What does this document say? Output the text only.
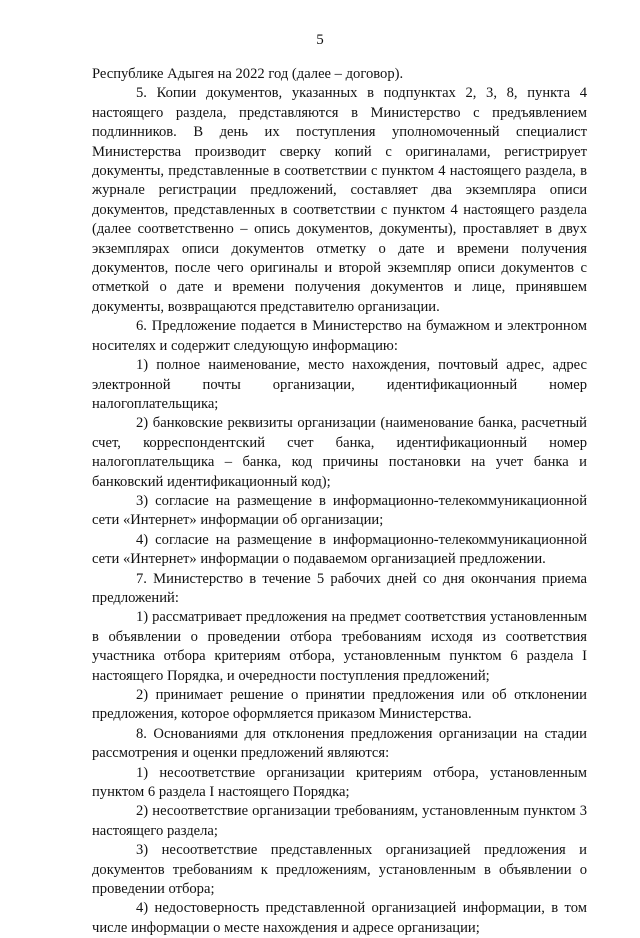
5

Республике Адыгея на 2022 год (далее – договор).

5. Копии документов, указанных в подпунктах 2, 3, 8, пункта 4 настоящего раздела, представляются в Министерство с предъявлением подлинников. В день их поступления уполномоченный специалист Министерства производит сверку копий с оригиналами, регистрирует документы, представленные в соответствии с пунктом 4 настоящего раздела, в журнале регистрации предложений, составляет два экземпляра описи документов, представленных в соответствии с пунктом 4 настоящего раздела (далее соответственно – опись документов, документы), проставляет в двух экземплярах описи документов отметку о дате и времени получения документов, после чего оригиналы и второй экземпляр описи документов с отметкой о дате и времени получения документов и лице, принявшем документы, возвращаются представителю организации.

6. Предложение подается в Министерство на бумажном и электронном носителях и содержит следующую информацию:

1) полное наименование, место нахождения, почтовый адрес, адрес электронной почты организации, идентификационный номер налогоплательщика;

2) банковские реквизиты организации (наименование банка, расчетный счет, корреспондентский счет банка, идентификационный номер налогоплательщика – банка, код причины постановки на учет банка и банковский идентификационный код);

3) согласие на размещение в информационно-телекоммуникационной сети «Интернет» информации об организации;

4) согласие на размещение в информационно-телекоммуникационной сети «Интернет» информации о подаваемом организацией предложении.

7. Министерство в течение 5 рабочих дней со дня окончания приема предложений:

1) рассматривает предложения на предмет соответствия установленным в объявлении о проведении отбора требованиям исходя из соответствия участника отбора критериям отбора, установленным пунктом 6 раздела I настоящего Порядка, и очередности поступления предложений;

2) принимает решение о принятии предложения или об отклонении предложения, которое оформляется приказом Министерства.

8. Основаниями для отклонения предложения организации на стадии рассмотрения и оценки предложений являются:

1) несоответствие организации критериям отбора, установленным пунктом 6 раздела I настоящего Порядка;

2) несоответствие организации требованиям, установленным пунктом 3 настоящего раздела;

3) несоответствие представленных организацией предложения и документов требованиям к предложениям, установленным в объявлении о проведении отбора;

4) недостоверность представленной организацией информации, в том числе информации о месте нахождения и адресе организации;
